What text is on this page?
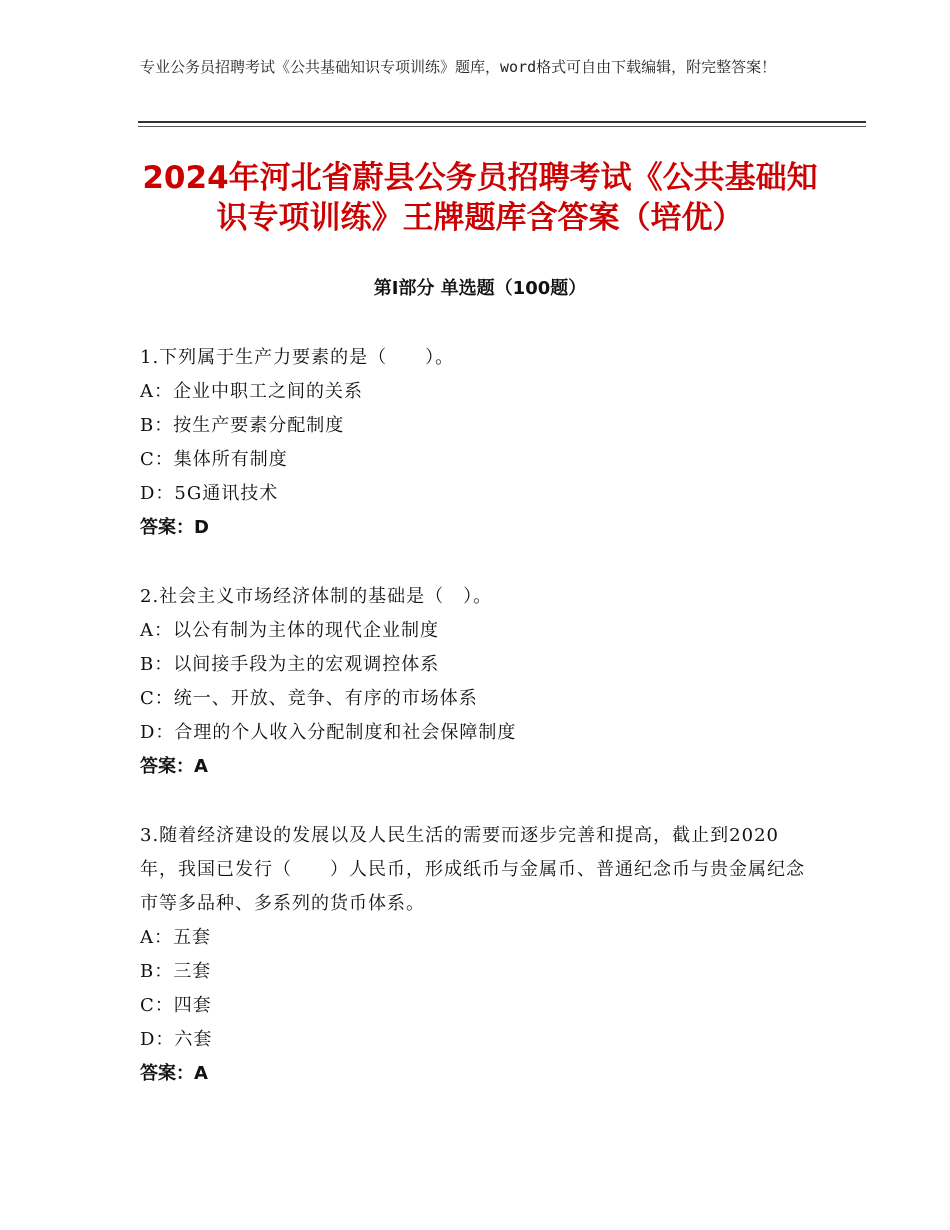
专业公务员招聘考试《公共基础知识专项训练》题库，word格式可自由下载编辑，附完整答案！
2024年河北省蔚县公务员招聘考试《公共基础知识专项训练》王牌题库含答案（培优）
第Ⅰ部分 单选题（100题）
1.下列属于生产力要素的是（　　）。
A：企业中职工之间的关系
B：按生产要素分配制度
C：集体所有制度
D：5G通讯技术
答案：D
2.社会主义市场经济体制的基础是（　）。
A：以公有制为主体的现代企业制度
B：以间接手段为主的宏观调控体系
C：统一、开放、竞争、有序的市场体系
D：合理的个人收入分配制度和社会保障制度
答案：A
3.随着经济建设的发展以及人民生活的需要而逐步完善和提高，截止到2020年，我国已发行（　　）人民币，形成纸币与金属币、普通纪念币与贵金属纪念市等多品种、多系列的货币体系。
A：五套
B：三套
C：四套
D：六套
答案：A
